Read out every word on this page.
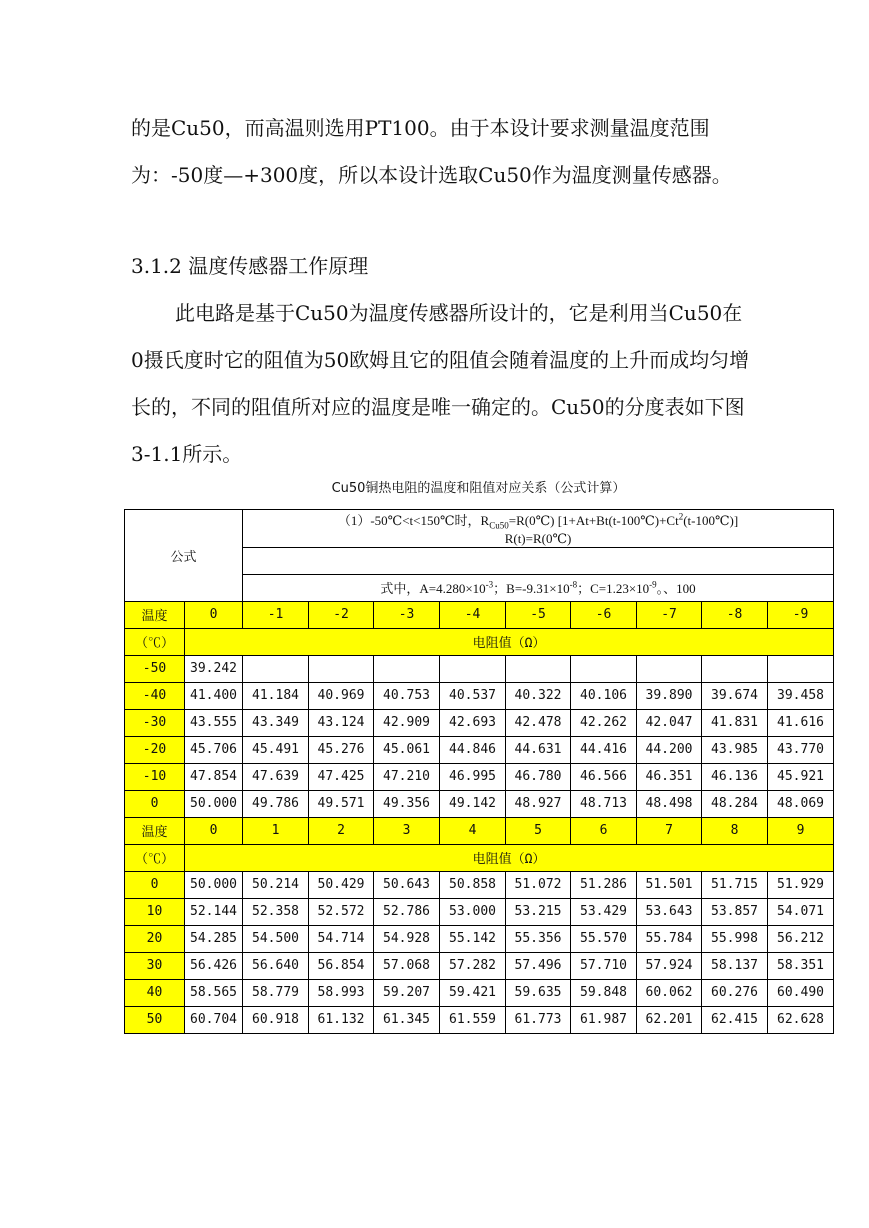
的是Cu50，而高温则选用PT100。由于本设计要求测量温度范围为：-50度—+300度，所以本设计选取Cu50作为温度测量传感器。

3.1.2 温度传感器工作原理

此电路是基于Cu50为温度传感器所设计的，它是利用当Cu50在0摄氏度时它的阻值为50欧姆且它的阻值会随着温度的上升而成均匀增长的，不同的阻值所对应的温度是唯一确定的。Cu50的分度表如下图3-1.1所示。

Cu50铜热电阻的温度和阻值对应关系（公式计算）
公式		（1）-50℃<t<150℃时，$R_{Cu50}=R(0℃)$ $[1+At+Bt(t-100℃)+Ct^2(t-100℃)]$
R(t)=R(0℃)								

		式中，$A=4.280\times 10^{-3}$；$B=-9.31\times 10^{-8}$；$C=1.23\times 10^{-9}$。、100								
温度	0	-1	-2	-3	-4	-5	-6	-7	-8	-9
（℃）	电阻值（Ω）									
-50	39.242									
-40	41.400	41.184	40.969	40.753	40.537	40.322	40.106	39.890	39.674	39.458
-30	43.555	43.349	43.124	42.909	42.693	42.478	42.262	42.047	41.831	41.616
-20	45.706	45.491	45.276	45.061	44.846	44.631	44.416	44.200	43.985	43.770
-10	47.854	47.639	47.425	47.210	46.995	46.780	46.566	46.351	46.136	45.921
0	50.000	49.786	49.571	49.356	49.142	48.927	48.713	48.498	48.284	48.069
温度	0	1	2	3	4	5	6	7	8	9
（℃）	电阻值（Ω）									
0	50.000	50.214	50.429	50.643	50.858	51.072	51.286	51.501	51.715	51.929
10	52.144	52.358	52.572	52.786	53.000	53.215	53.429	53.643	53.857	54.071
20	54.285	54.500	54.714	54.928	55.142	55.356	55.570	55.784	55.998	56.212
30	56.426	56.640	56.854	57.068	57.282	57.496	57.710	57.924	58.137	58.351
40	58.565	58.779	58.993	59.207	59.421	59.635	59.848	60.062	60.276	60.490
50	60.704	60.918	61.132	61.345	61.559	61.773	61.987	62.201	62.415	62.628
